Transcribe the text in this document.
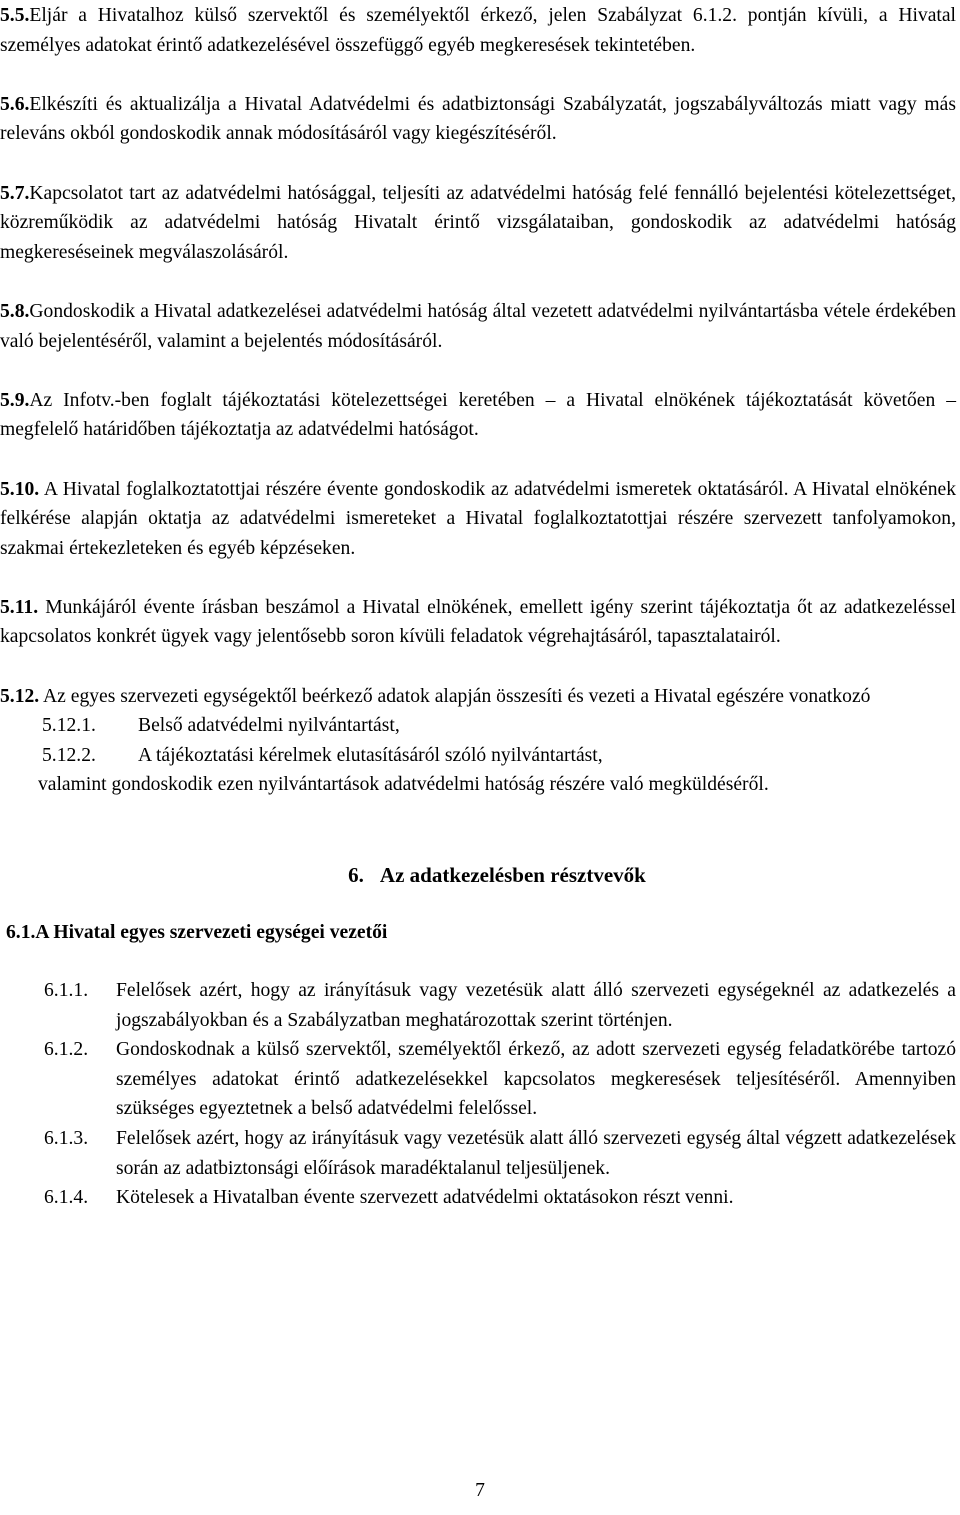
5.5.Eljár a Hivatalhoz külső szervektől és személyektől érkező, jelen Szabályzat 6.1.2. pontján kívüli, a Hivatal személyes adatokat érintő adatkezelésével összefüggő egyéb megkeresések tekintetében.

5.6.Elkészíti és aktualizálja a Hivatal Adatvédelmi és adatbiztonsági Szabályzatát, jogszabályváltozás miatt vagy más releváns okból gondoskodik annak módosításáról vagy kiegészítéséről.

5.7.Kapcsolatot tart az adatvédelmi hatósággal, teljesíti az adatvédelmi hatóság felé fennálló bejelentési kötelezettséget, közreműködik az adatvédelmi hatóság Hivatalt érintő vizsgálataiban, gondoskodik az adatvédelmi hatóság megkereséseinek megválaszolásáról.

5.8.Gondoskodik a Hivatal adatkezelései adatvédelmi hatóság által vezetett adatvédelmi nyilvántartásba vétele érdekében való bejelentéséről, valamint a bejelentés módosításáról.

5.9.Az Infotv.-ben foglalt tájékoztatási kötelezettségei keretében – a Hivatal elnökének tájékoztatását követően – megfelelő határidőben tájékoztatja az adatvédelmi hatóságot.

5.10. A Hivatal foglalkoztatottjai részére évente gondoskodik az adatvédelmi ismeretek oktatásáról. A Hivatal elnökének felkérése alapján oktatja az adatvédelmi ismereteket a Hivatal foglalkoztatottjai részére szervezett tanfolyamokon, szakmai értekezleteken és egyéb képzéseken.

5.11. Munkájáról évente írásban beszámol a Hivatal elnökének, emellett igény szerint tájékoztatja őt az adatkezeléssel kapcsolatos konkrét ügyek vagy jelentősebb soron kívüli feladatok végrehajtásáról, tapasztalatairól.

5.12. Az egyes szervezeti egységektől beérkező adatok alapján összesíti és vezeti a Hivatal egészére vonatkozó

5.12.1.	Belső adatvédelmi nyilvántartást,
5.12.2.	A tájékoztatási kérelmek elutasításáról szóló nyilvántartást,

valamint gondoskodik ezen nyilvántartások adatvédelmi hatóság részére való megküldéséről.

6. Az adatkezelésben résztvevők
6.1.A Hivatal egyes szervezeti egységei vezetői
6.1.1.	Felelősek azért, hogy az irányításuk vagy vezetésük alatt álló szervezeti egységeknél az adatkezelés a jogszabályokban és a Szabályzatban meghatározottak szerint történjen.
6.1.2.	Gondoskodnak a külső szervektől, személyektől érkező, az adott szervezeti egység feladatkörébe tartozó személyes adatokat érintő adatkezelésekkel kapcsolatos megkeresések teljesítéséről. Amennyiben szükséges egyeztetnek a belső adatvédelmi felelőssel.
6.1.3.	Felelősek azért, hogy az irányításuk vagy vezetésük alatt álló szervezeti egység által végzett adatkezelések során az adatbiztonsági előírások maradéktalanul teljesüljenek.
6.1.4.	Kötelesek a Hivatalban évente szervezett adatvédelmi oktatásokon részt venni.
7
